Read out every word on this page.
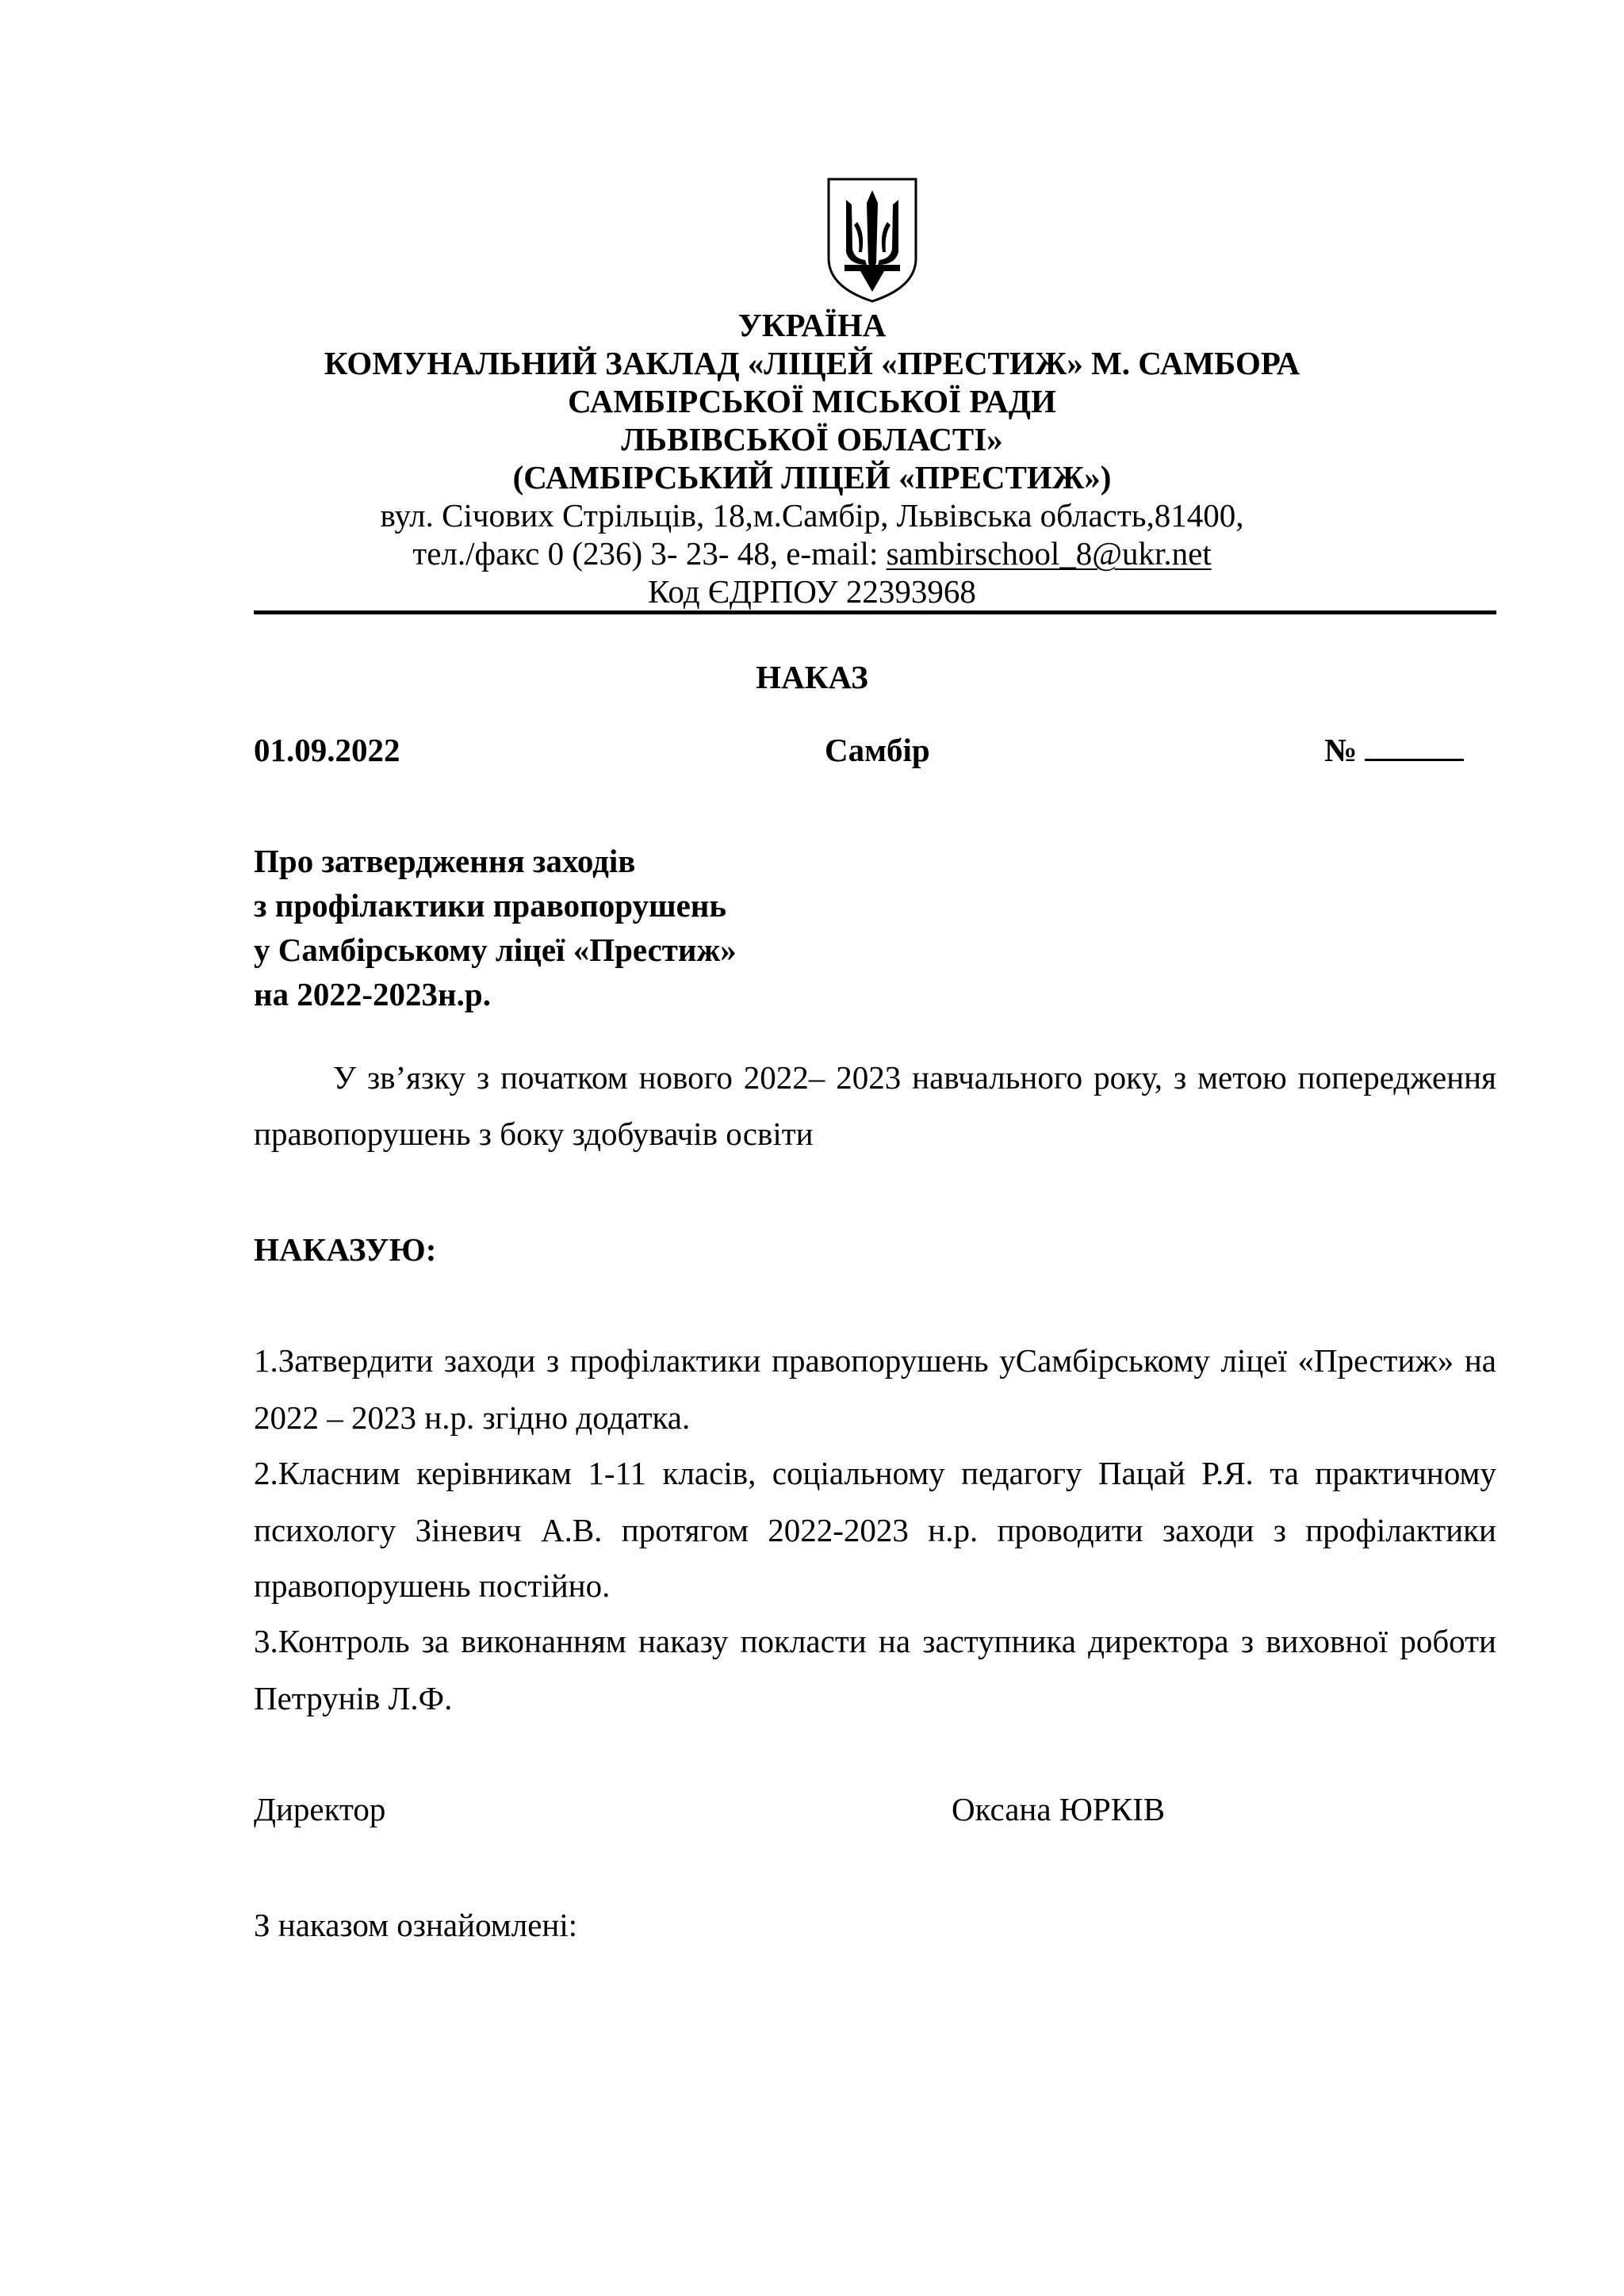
УКРАЇНА
КОМУНАЛЬНИЙ ЗАКЛАД «ЛІЦЕЙ «ПРЕСТИЖ» М. САМБОРА
САМБІРСЬКОЇ МІСЬКОЇ РАДИ
ЛЬВІВСЬКОЇ ОБЛАСТІ»
(САМБІРСЬКИЙ ЛІЦЕЙ «ПРЕСТИЖ»)
вул. Січових Стрільців, 18,м.Самбір, Львівська область,81400,
тел./факс 0 (236) 3- 23- 48, e-mail: sambirschool_8@ukr.net
Код ЄДРПОУ 22393968
НАКАЗ
01.09.2022	Самбір	№
Про затвердження заходів
з профілактики правопорушень
у Самбірському ліцеї «Престиж»
на 2022-2023н.р.
У зв’язку з початком нового 2022– 2023 навчального року, з метою попередження
правопорушень з боку здобувачів освіти
НАКАЗУЮ:
1.Затвердити заходи з профілактики правопорушень уСамбірському ліцеї «Престиж» на
2022 – 2023 н.р. згідно додатка.
2.Класним керівникам 1-11 класів, соціальному педагогу Пацай Р.Я. та практичному
психологу Зіневич А.В. протягом 2022-2023 н.р. проводити заходи з профілактики
правопорушень постійно.
3.Контроль за виконанням наказу покласти на заступника директора з виховної роботи
Петрунів Л.Ф.
Директор	Оксана ЮРКІВ
З наказом ознайомлені:
